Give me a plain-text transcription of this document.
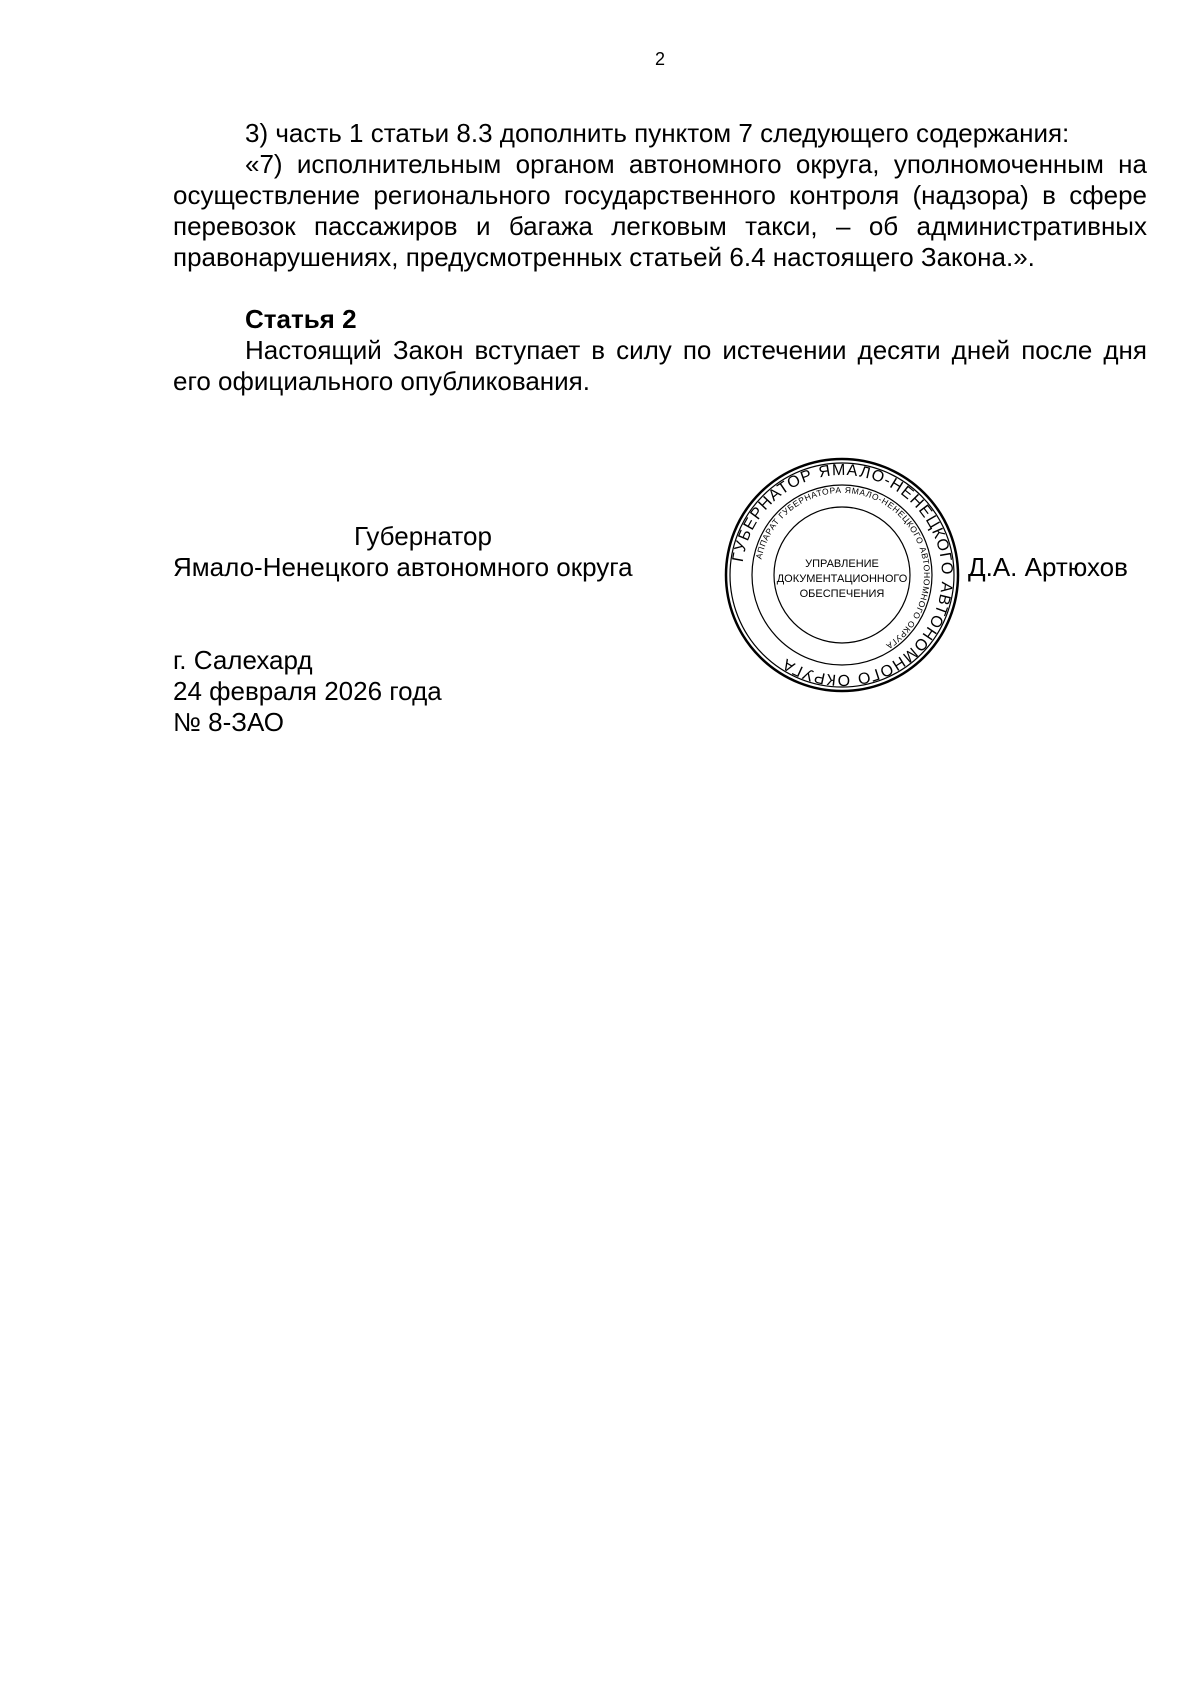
2

3) часть 1 статьи 8.3 дополнить пунктом 7 следующего содержания:

«7) исполнительным органом автономного округа, уполномоченным на осуществление регионального государственного контроля (надзора) в сфере перевозок пассажиров и багажа легковым такси, – об административных правонарушениях, предусмотренных статьей 6.4 настоящего Закона.».

Статья 2

Настоящий Закон вступает в силу по истечении десяти дней после дня его официального опубликования.

Губернатор
Ямало-Ненецкого автономного округа	ГУБЕРНАТОР ЯМАЛО-НЕНЕЦКОГО АВТОНОМНОГО ОКРУГА
АППАРАТ ГУБЕРНАТОРА ЯМАЛО-НЕНЕЦКОГО АВТОНОМНОГО ОКРУГА
УПРАВЛЕНИЕ
ДОКУМЕНТАЦИОННОГО
ОБЕСПЕЧЕНИЯ
Д.А. Артюхов
г. Салехард
24 февраля 2026 года
№ 8-ЗАО
